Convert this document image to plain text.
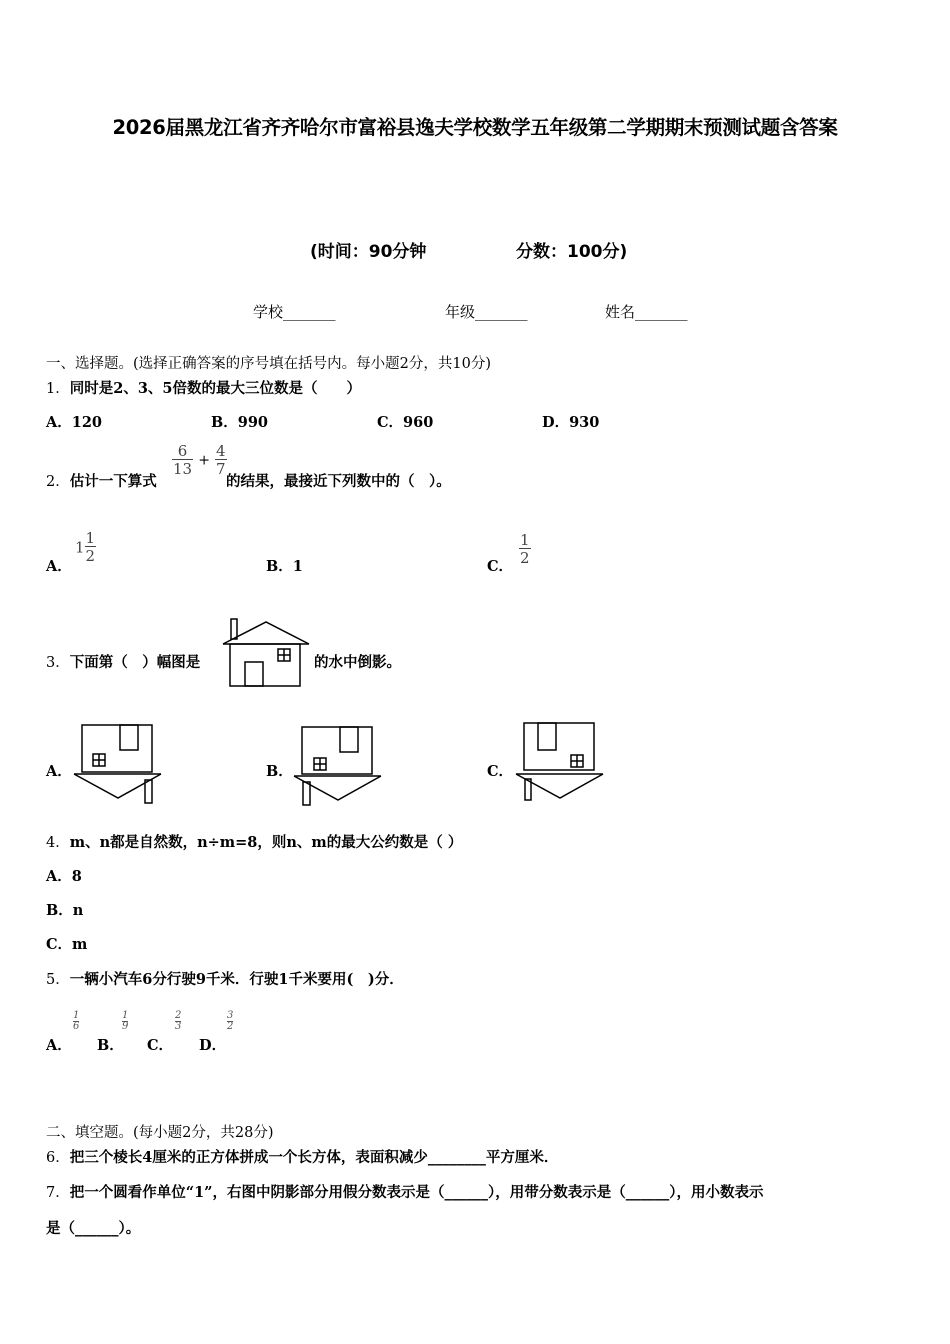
2026届黑龙江省齐齐哈尔市富裕县逸夫学校数学五年级第二学期期末预测试题含答案
(时间：90分钟	分数：100分)
学校_______	年级_______	姓名_______
一、选择题。(选择正确答案的序号填在括号内。每小题2分，共10分)
1．同时是2、3、5倍数的最大三位数是（　　）
A．120	B．990	C．960	D．930
2．估计一下算式
$\frac{6}{13} + \frac{4}{7}$
的结果，最接近下列数中的（　）。
A．
$1 \frac{1}{2}$
B．1	C．
$\frac{1}{2}$
3．下面第（　）幅图是	的水中倒影。
A．	B．	C．
4．m、n都是自然数，n÷m=8，则n、m的最大公约数是（ ）
A．8
B．n
C．m
5．一辆小汽车6分行驶9千米．行驶1千米要用(　)分．
A．
1
6
B．
1
9
C．
2
3
D．
3
2
二、填空题。(每小题2分，共28分)
6．把三个棱长4厘米的正方体拼成一个长方体，表面积减少________平方厘米．
7．把一个圆看作单位“1”，右图中阴影部分用假分数表示是（______），用带分数表示是（______），用小数表示
是（______）。
